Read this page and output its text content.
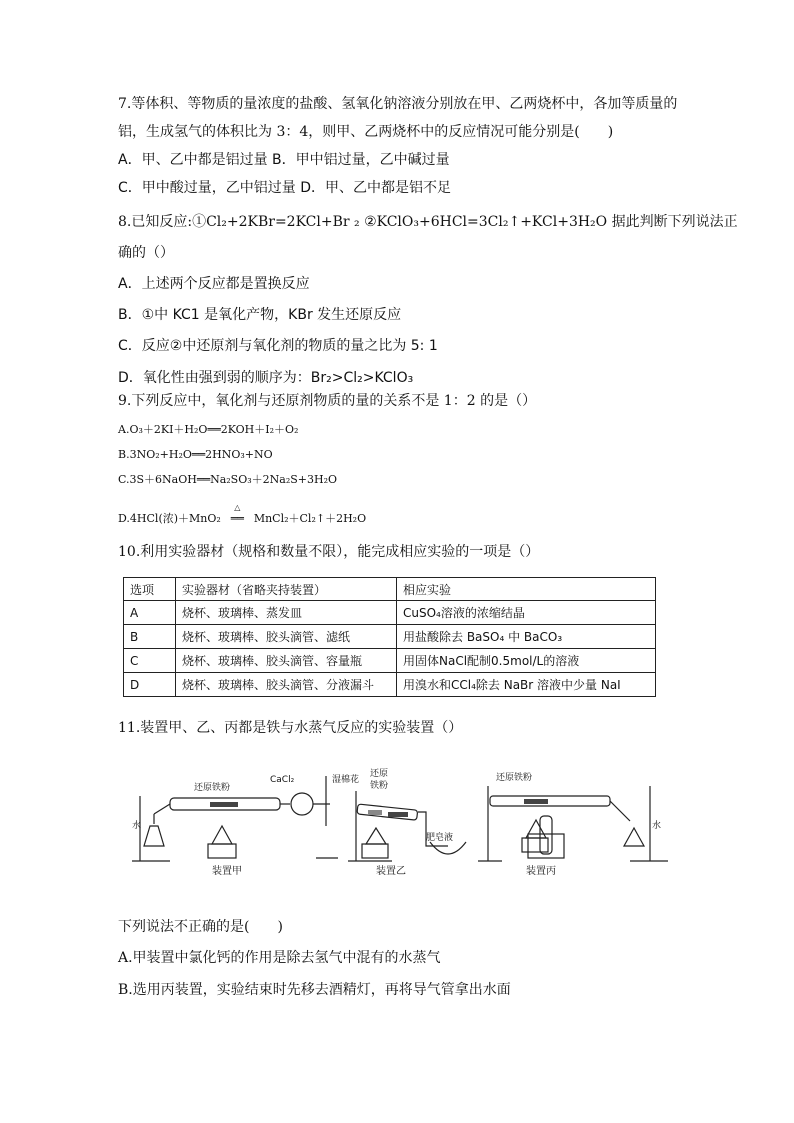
7.等体积、等物质的量浓度的盐酸、氢氧化钠溶液分别放在甲、乙两烧杯中，各加等质量的
铝，生成氢气的体积比为 3：4，则甲、乙两烧杯中的反应情况可能分别是(　　)
A．甲、乙中都是铝过量 B．甲中铝过量，乙中碱过量
C．甲中酸过量，乙中铝过量 D．甲、乙中都是铝不足
8.已知反应:①Cl₂+2KBr=2KCl+Br ₂ ②KClO₃+6HCl=3Cl₂↑+KCl+3H₂O 据此判断下列说法正
确的（）
A．上述两个反应都是置换反应
B．①中 KC1 是氧化产物，KBr 发生还原反应
C．反应②中还原剂与氧化剂的物质的量之比为 5: 1
D．氧化性由强到弱的顺序为：Br₂>Cl₂>KClO₃
9.下列反应中，氧化剂与还原剂物质的量的关系不是 1：2 的是（）
A.O₃＋2KI＋H₂O══2KOH＋I₂＋O₂
B.3NO₂+H₂O══2HNO₃+NO
C.3S＋6NaOH══Na₂SO₃＋2Na₂S+3H₂O
D.4HCl(浓)＋MnO₂
△
══ MnCl₂＋Cl₂↑＋2H₂O
10.利用实验器材（规格和数量不限），能完成相应实验的一项是（）
选项	实验器材（省略夹持装置）	相应实验
A	烧杯、玻璃棒、蒸发皿	CuSO₄溶液的浓缩结晶
B	烧杯、玻璃棒、胶头滴管、滤纸	用盐酸除去 BaSO₄ 中 BaCO₃
C	烧杯、玻璃棒、胶头滴管、容量瓶	用固体NaCl配制0.5mol/L的溶液
D	烧杯、玻璃棒、胶头滴管、分液漏斗	用溴水和CCl₄除去 NaBr 溶液中少量 NaI
11.装置甲、乙、丙都是铁与水蒸气反应的实验装置（）
水
还原铁粉
CaCl₂
装置甲
湿棉花
还原
铁粉
肥皂液
装置乙
还原铁粉
水
装置丙
下列说法不正确的是(　　)
A.甲装置中氯化钙的作用是除去氢气中混有的水蒸气
B.选用丙装置，实验结束时先移去酒精灯，再将导气管拿出水面
